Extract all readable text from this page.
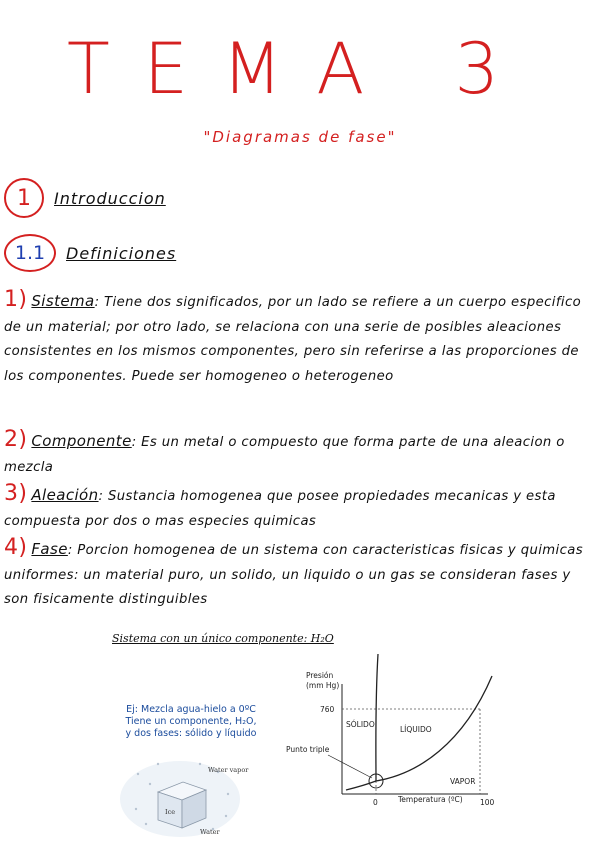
TEMA 3
"Diagramas de fase"
1	Introduccion
1.1	Definiciones
1) Sistema: Tiene dos significados, por un lado se refiere a un cuerpo especifico de un material; por otro lado, se relaciona con una serie de posibles aleaciones consistentes en los mismos componentes, pero sin referirse a las proporciones de los componentes. Puede ser homogeneo o heterogeneo
2) Componente: Es un metal o compuesto que forma parte de una aleacion o mezcla
3) Aleación: Sustancia homogenea que posee propiedades mecanicas y esta compuesta por dos o mas especies quimicas
4) Fase: Porcion homogenea de un sistema con caracteristicas fisicas y quimicas uniformes: un material puro, un solido, un liquido o un gas se consideran fases y son fisicamente distinguibles
Sistema con un único componente: H₂O
Ej: Mezcla agua-hielo a 0ºC
Tiene un componente, H₂O,
y dos fases: sólido y líquido
Water vapor
Ice
Water
Presión
(mm Hg)
760
Punto triple
SÓLIDO
LÍQUIDO
VAPOR
0	100
Temperatura (ºC)
